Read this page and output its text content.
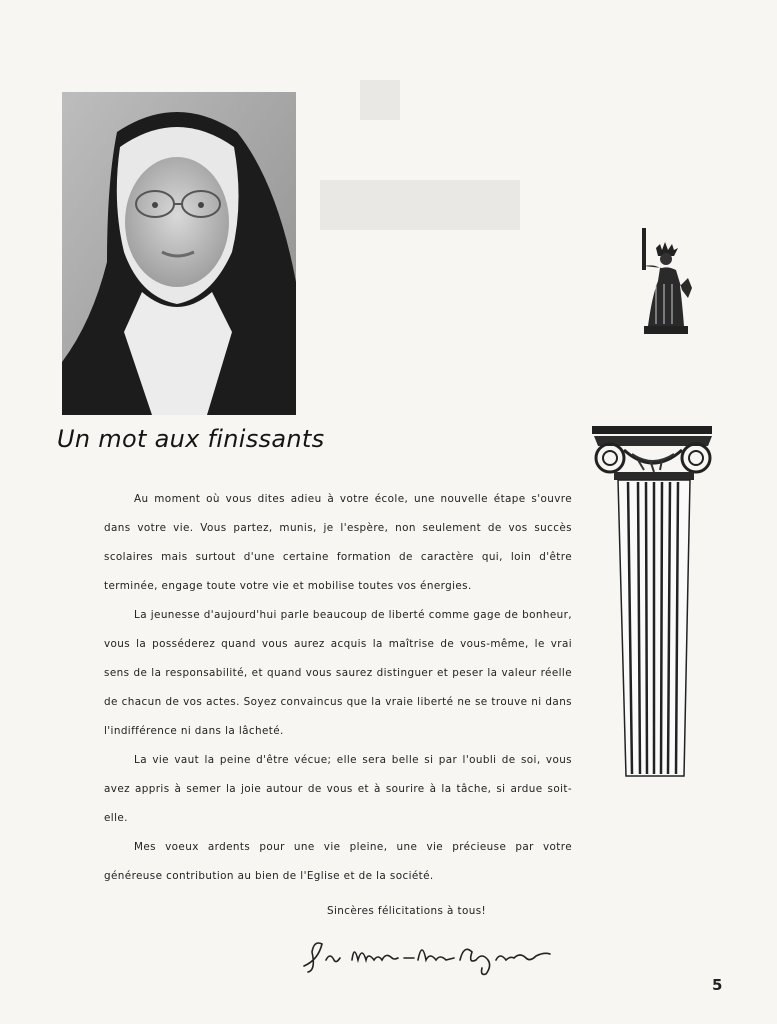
Un mot aux finissants

Au moment où vous dites adieu à votre école, une nouvelle étape s'ouvre dans votre vie. Vous partez, munis, je l'espère, non seulement de vos succès scolaires mais surtout d'une certaine formation de caractère qui, loin d'être terminée, engage toute votre vie et mobilise toutes vos énergies.

La jeunesse d'aujourd'hui parle beaucoup de liberté comme gage de bonheur, vous la posséderez quand vous aurez acquis la maîtrise de vous-même, le vrai sens de la responsabilité, et quand vous saurez distinguer et peser la valeur réelle de chacun de vos actes. Soyez convaincus que la vraie liberté ne se trouve ni dans l'indifférence ni dans la lâcheté.

La vie vaut la peine d'être vécue; elle sera belle si par l'oubli de soi, vous avez appris à semer la joie autour de vous et à sourire à la tâche, si ardue soit-elle.

Mes voeux ardents pour une vie pleine, une vie précieuse par votre généreuse contribution au bien de l'Eglise et de la société.

Sincères félicitations à tous!
5
